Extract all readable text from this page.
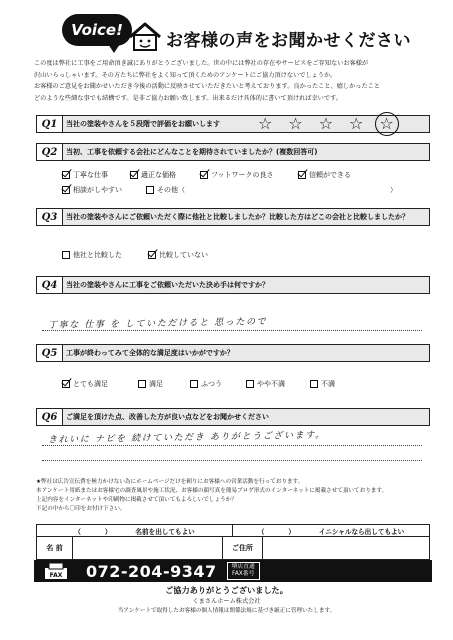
Voice!
お客様の声をお聞かせください
この度は弊社に工事をご用命頂き誠にありがとうございました。世の中には弊社の存在やサービスをご存知ないお客様が
沢山いらっしゃいます。その方たちに弊社をよく知って頂くためのアンケートにご協力頂けないでしょうか。
お客様のご意見をお聞かせいただき今後の活動に反映させていただきたいと考えております。良かったこと、嬉しかったこと
どのような些細な事でも結構です。是非ご協力お願い致します。出来るだけ具体的に書いて頂ければ幸いです。
Q1	当社の塗装やさんを５段階で評価をお願いします ☆ ☆ ☆ ☆ ☆
Q2	当初、工事を依頼する会社にどんなことを期待されていましたか？(複数回答可)
丁寧な仕事	適正な価格	フットワークの良さ	信頼ができる
相談がしやすい	その他（	）
Q3	当社の塗装やさんにご依頼いただく際に他社と比較しましたか？比較した方はどこの会社と比較しましたか？
他社と比較した	比較していない
Q4	当社の塗装やさんに工事をご依頼いただいた決め手は何ですか？
丁寧な 仕事 を していただけると 思ったので
Q5	工事が終わってみて全体的な満足度はいかがですか？
とても満足	満足	ふつう	やや不満	不満
Q6	ご満足を頂けた点、改善した方が良い点などをお聞かせください
きれいに ナビを 続けていただき ありがとうございます。
★弊社は広告宣伝費を極力かけない為にホームページだけを頼りにお客様への営業活動を行っております。
本アンケート用紙またはお客様宅の調査風景や施工状況、お客様の顔写真を簡易ブログ形式のインターネットに掲載させて頂いております。
上記内容をインターネットや印刷物に掲載させて頂いてもよろしいでしょうか？
下記の中から〇印をお付け下さい。
（	）	名前を出してもよい	（	）	イニシャルなら出してもよい
名 前	ご住所
FAX 072-204-9347	堺店直通
FAX番号
ご協力ありがとうございました。
くまさんホーム株式会社
当アンケートで取得したお客様の個人情報は関係法規に基づき厳正に管理いたします。
